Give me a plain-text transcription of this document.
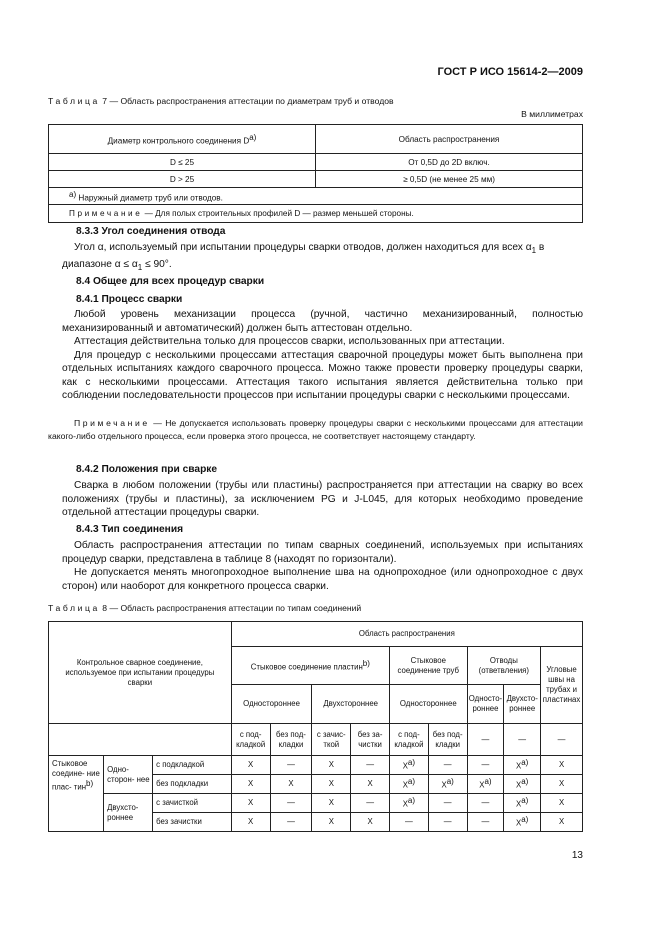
ГОСТ Р ИСО 15614-2—2009
Таблица 7 — Область распространения аттестации по диаметрам труб и отводов
В миллиметрах
Диаметр контрольного соединения $D^{a)}$	Область распространения
D ≤ 25	От 0,5D до 2D включ.
D > 25	≥ 0,5D (не менее 25 мм)
$^{a)}$ Наружный диаметр труб или отводов.	
Примечание — Для полых строительных профилей D — размер меньшей стороны.	
8.3.3 Угол соединения отвода
Угол α, используемый при испытании процедуры сварки отводов, должен находиться для всех $\alpha_1$ в
диапазоне $\alpha \le \alpha_1 \le 90^\circ$.
8.4 Общее для всех процедур сварки
8.4.1 Процесс сварки
Любой уровень механизации процесса (ручной, частично механизированный, полностью механизированный и автоматический) должен быть аттестован отдельно.
Аттестация действительна только для процессов сварки, использованных при аттестации.
Для процедур с несколькими процессами аттестация сварочной процедуры может быть выполнена при отдельных испытаниях каждого сварочного процесса. Можно также провести проверку процедуры сварки, как с несколькими процессами. Аттестация такого испытания является действительна только при соблюдении последовательности процессов при испытании процедуры сварки с несколькими процессами.
Примечание — Не допускается использовать проверку процедуры сварки с несколькими процессами для аттестации какого-либо отдельного процесса, если проверка этого процесса, не соответствует настоящему стандарту.
8.4.2 Положения при сварке
Сварка в любом положении (трубы или пластины) распространяется при аттестации на сварку во всех положениях (трубы и пластины), за исключением PG и J-L045, для которых необходимо проведение отдельной аттестации процедуры сварки.
8.4.3 Тип соединения
Область распространения аттестации по типам сварных соединений, используемых при испытаниях процедур сварки, представлена в таблице 8 (находят по горизонтали).
Не допускается менять многопроходное выполнение шва на однопроходное (или однопроходное с двух сторон) или наоборот для конкретного процесса сварки.
Таблица 8 — Область распространения аттестации по типам соединений
Контрольное сварное соединение, используемое при испытании процедуры сварки			Область распространения								
			Стыковое соединение пластин$^{b)}$				Стыковое соединение труб		Отводы (ответвления)		Угловые швы на трубах и пластинах
			Одностороннее		Двухстороннее		Одностороннее		Односто- роннее	Двухсто- роннее	
			с под- кладкой	без под- кладки	с зачис- ткой	без за- чистки	с под- кладкой	без под- кладки	—	—	—
Стыковое соедине- ние плас- тин$^{b)}$	Одно- сторон- нее	с подкладкой	X	—	X	—	$X^{a)}$	—	—	$X^{a)}$	X
		без подкладки	X	X	X	X	$X^{a)}$	$X^{a)}$	$X^{a)}$	$X^{a)}$	X
	Двухсто- роннее	с зачисткой	X	—	X	—	$X^{a)}$	—	—	$X^{a)}$	X
		без зачистки	X	—	X	X	—	—	—	$X^{a)}$	X
13
